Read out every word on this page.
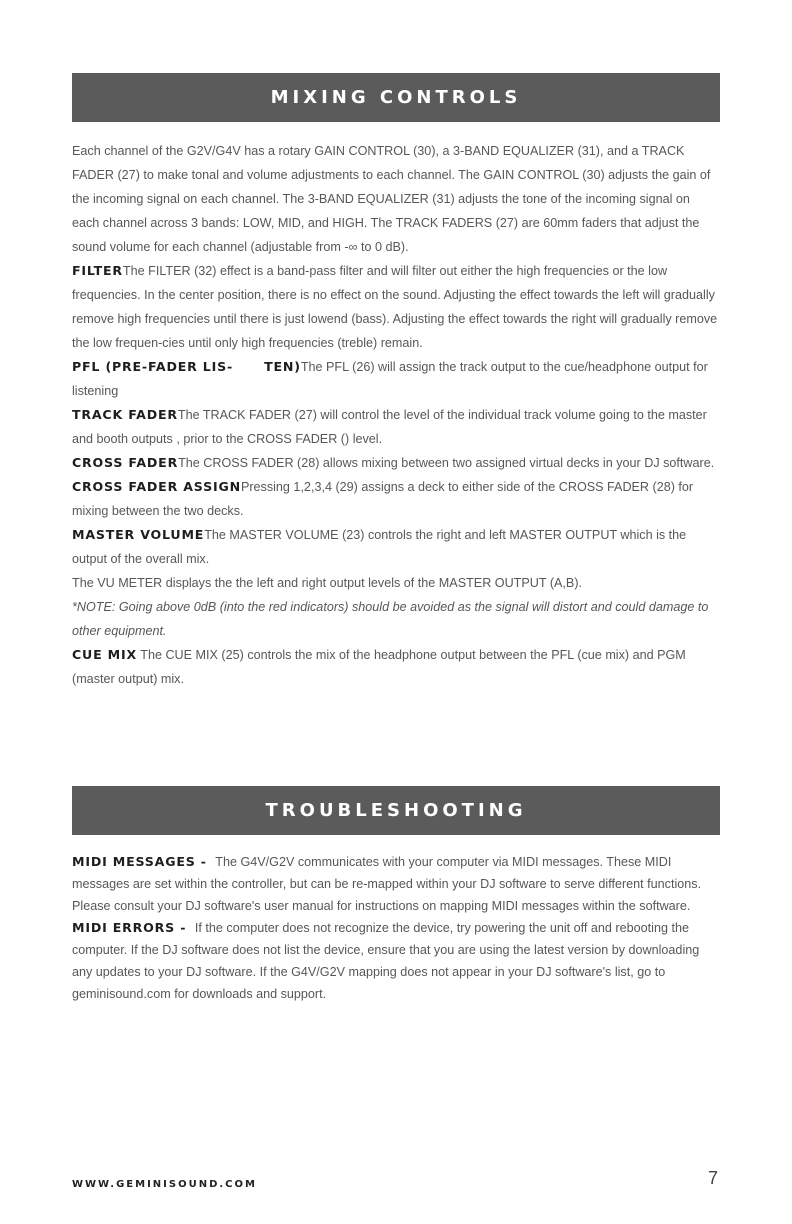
MIXING CONTROLS

Each channel of the G2V/G4V has a rotary GAIN CONTROL (30), a 3-BAND EQUALIZER (31), and a TRACK FADER (27) to make tonal and volume adjustments to each channel. The GAIN CONTROL (30) adjusts the gain of the incoming signal on each channel. The 3-BAND EQUALIZER (31) adjusts the tone of the incoming signal on each channel across 3 bands: LOW, MID, and HIGH. The TRACK FADERS (27) are 60mm faders that adjust the sound volume for each channel (adjustable from -∞ to 0 dB).

FILTERThe FILTER (32) effect is a band-pass filter and will filter out either the high frequencies or the low frequencies. In the center position, there is no effect on the sound. Adjusting the effect towards the left will gradually remove high frequencies until there is just lowend (bass). Adjusting the effect towards the right will gradually remove the low frequen-cies until only high frequencies (treble) remain.

PFL (PRE-FADER LIS-      TEN)The PFL (26) will assign the track output to the cue/headphone output for listening

TRACK FADERThe TRACK FADER (27) will control the level of the individual track volume going to the master and booth outputs , prior to the CROSS FADER () level.

CROSS FADERThe CROSS FADER (28) allows mixing between two assigned virtual decks in your DJ software.

CROSS FADER ASSIGNPressing 1,2,3,4 (29) assigns a deck to either side of the CROSS FADER (28) for mixing between the two decks.

MASTER VOLUMEThe MASTER VOLUME (23) controls the right and left MASTER OUTPUT which is the output of the overall mix.

The VU METER displays the the left and right output levels of the MASTER OUTPUT (A,B).

*NOTE: Going above 0dB (into the red indicators) should be avoided as the signal will distort and could damage to other equipment.

CUE MIX The CUE MIX (25) controls the mix of the headphone output between the PFL (cue mix) and PGM (master output) mix.

TROUBLESHOOTING

MIDI MESSAGES -  The G4V/G2V communicates with your computer via MIDI messages. These MIDI messages are set within the controller, but can be re-mapped within your DJ software to serve different functions. Please consult your DJ software's user manual for instructions on mapping MIDI messages within the software.

MIDI ERRORS -  If the computer does not recognize the device, try powering the unit off and rebooting the computer. If the DJ software does not list the device, ensure that you are using the latest version by downloading any updates to your DJ software. If the G4V/G2V mapping does not appear in your DJ software's list, go to geminisound.com for downloads and support.

WWW.GEMINISOUND.COM	7
